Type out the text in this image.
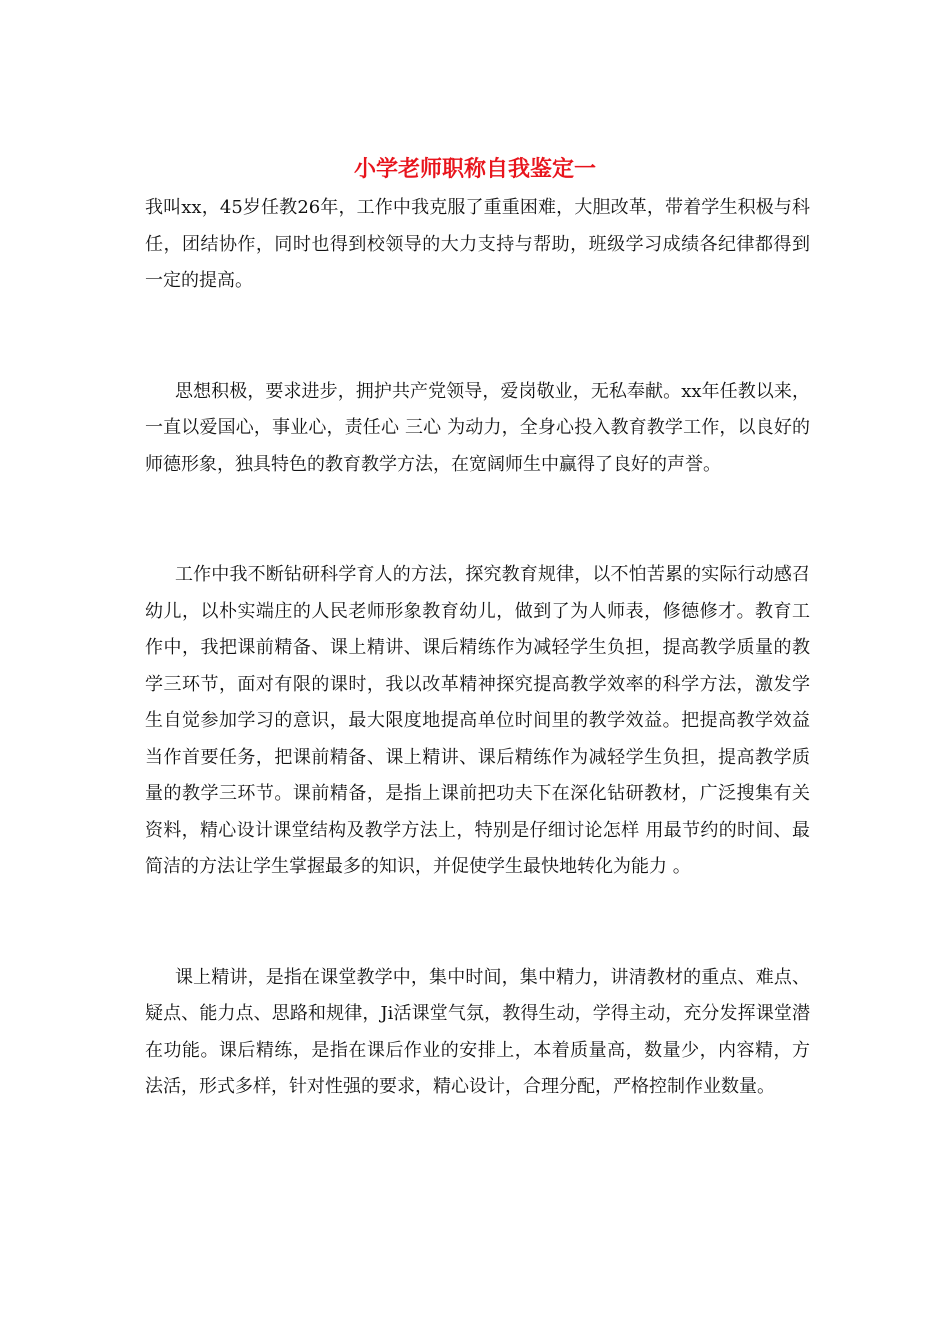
小学老师职称自我鉴定一

我叫xx，45岁任教26年，工作中我克服了重重困难，大胆改革，带着学生积极与科任，团结协作，同时也得到校领导的大力支持与帮助，班级学习成绩各纪律都得到一定的提高。

思想积极，要求进步，拥护共产党领导，爱岗敬业，无私奉献。xx年任教以来，一直以爱国心，事业心，责任心 三心 为动力，全身心投入教育教学工作，以良好的师德形象，独具特色的教育教学方法，在宽阔师生中赢得了良好的声誉。

工作中我不断钻研科学育人的方法，探究教育规律，以不怕苦累的实际行动感召幼儿，以朴实端庄的人民老师形象教育幼儿，做到了为人师表，修德修才。教育工作中，我把课前精备、课上精讲、课后精练作为减轻学生负担，提高教学质量的教学三环节，面对有限的课时，我以改革精神探究提高教学效率的科学方法，激发学生自觉参加学习的意识，最大限度地提高单位时间里的教学效益。把提高教学效益当作首要任务，把课前精备、课上精讲、课后精练作为减轻学生负担，提高教学质量的教学三环节。课前精备，是指上课前把功夫下在深化钻研教材，广泛搜集有关资料，精心设计课堂结构及教学方法上，特别是仔细讨论怎样 用最节约的时间、最简洁的方法让学生掌握最多的知识，并促使学生最快地转化为能力 。

课上精讲，是指在课堂教学中，集中时间，集中精力，讲清教材的重点、难点、疑点、能力点、思路和规律，Ji活课堂气氛，教得生动，学得主动，充分发挥课堂潜在功能。课后精练，是指在课后作业的安排上，本着质量高，数量少，内容精，方法活，形式多样，针对性强的要求，精心设计，合理分配，严格控制作业数量。
